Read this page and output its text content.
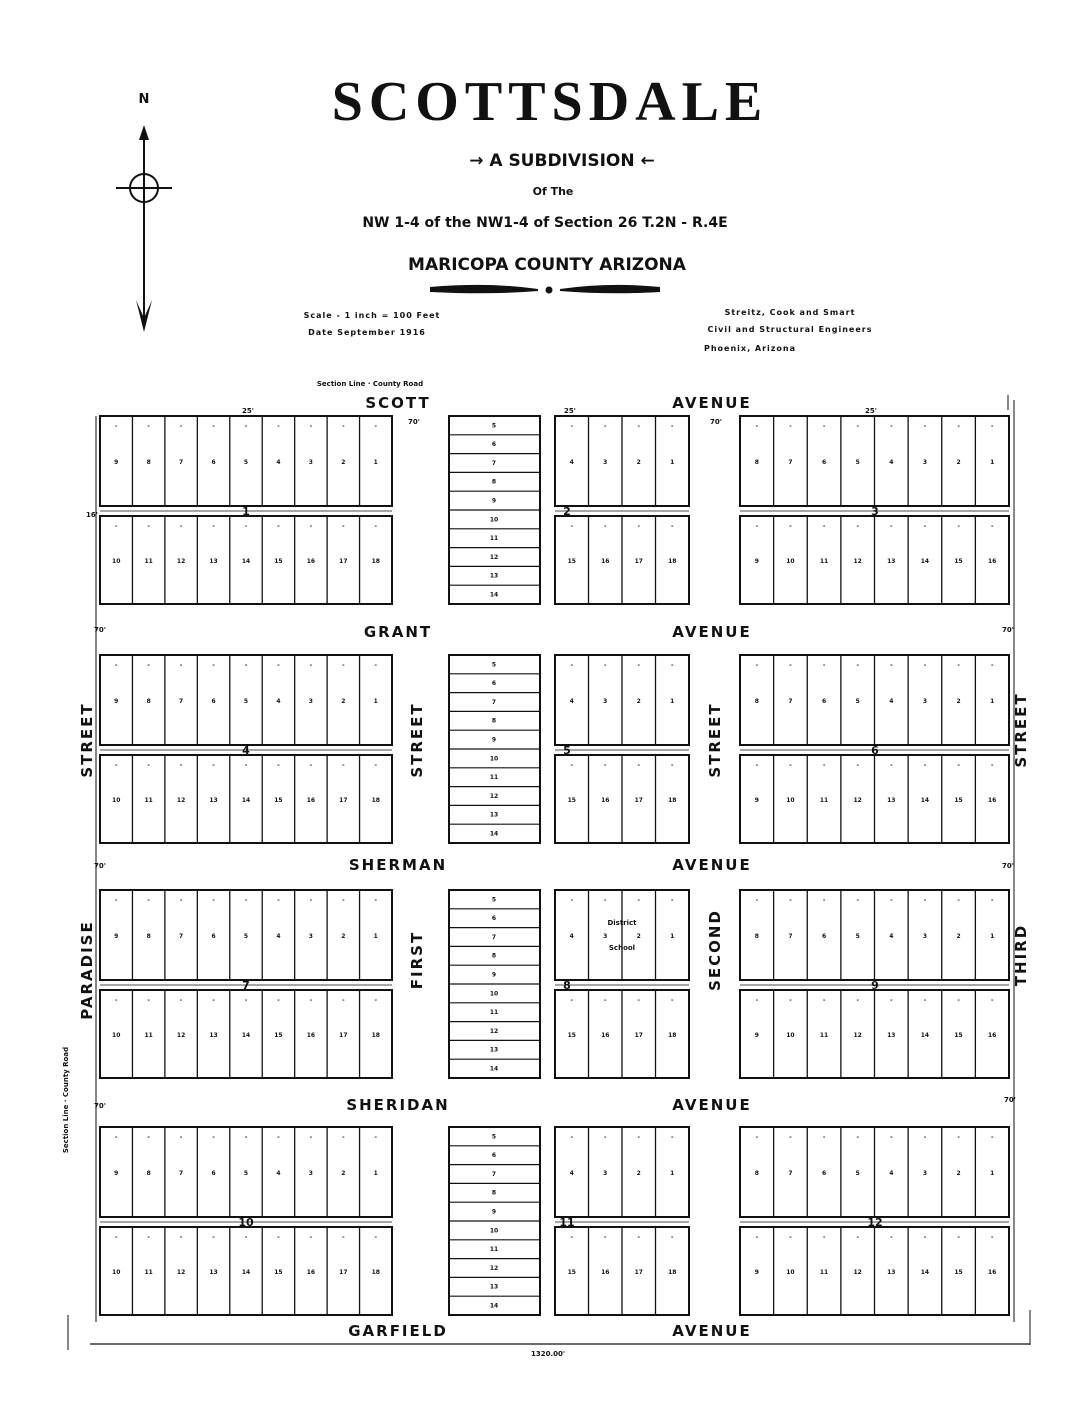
SCOTTSDALE
→ A SUBDIVISION ←
Of The
NW 1-4 of the NW1-4 of Section 26 T.2N - R.4E
MARICOPA COUNTY ARIZONA
Scale - 1 inch = 100 Feet
Date September 1916
Streitz, Cook and Smart
Civil and Structural Engineers
Phoenix, Arizona
N
9
-
8
-
7
-
6
-
5
-
4
-
3
-
2
-
1
-
10
-
11
-
12
-
13
-
14
-
15
-
16
-
17
-
18
-
1
4
-
3
-
2
-
1
-
15
-
16
-
17
-
18
-
2
8
-
7
-
6
-
5
-
4
-
3
-
2
-
1
-
9
-
10
-
11
-
12
-
13
-
14
-
15
-
16
-
3
5
6
7
8
9
10
11
12
13
14
9
-
8
-
7
-
6
-
5
-
4
-
3
-
2
-
1
-
10
-
11
-
12
-
13
-
14
-
15
-
16
-
17
-
18
-
4
4
-
3
-
2
-
1
-
15
-
16
-
17
-
18
-
5
8
-
7
-
6
-
5
-
4
-
3
-
2
-
1
-
9
-
10
-
11
-
12
-
13
-
14
-
15
-
16
-
6
5
6
7
8
9
10
11
12
13
14
9
-
8
-
7
-
6
-
5
-
4
-
3
-
2
-
1
-
10
-
11
-
12
-
13
-
14
-
15
-
16
-
17
-
18
-
7
4
-
3
-
2
-
1
-
15
-
16
-
17
-
18
-
8
8
-
7
-
6
-
5
-
4
-
3
-
2
-
1
-
9
-
10
-
11
-
12
-
13
-
14
-
15
-
16
-
9
5
6
7
8
9
10
11
12
13
14
9
-
8
-
7
-
6
-
5
-
4
-
3
-
2
-
1
-
10
-
11
-
12
-
13
-
14
-
15
-
16
-
17
-
18
-
10
4
-
3
-
2
-
1
-
15
-
16
-
17
-
18
-
11
8
-
7
-
6
-
5
-
4
-
3
-
2
-
1
-
9
-
10
-
11
-
12
-
13
-
14
-
15
-
16
-
12
5
6
7
8
9
10
11
12
13
14
District
School
SCOTT	AVENUE
GRANT	AVENUE
SHERMAN	AVENUE
SHERIDAN	AVENUE
GARFIELD	AVENUE
STREET
PARADISE
STREET
FIRST
STREET
SECOND
STREET
THIRD
70'	70'
25'	25'	25'
1320.00'
70'	70'
70'	70'
70'
70'
16'
Section Line · County Road
Section Line · County Road
